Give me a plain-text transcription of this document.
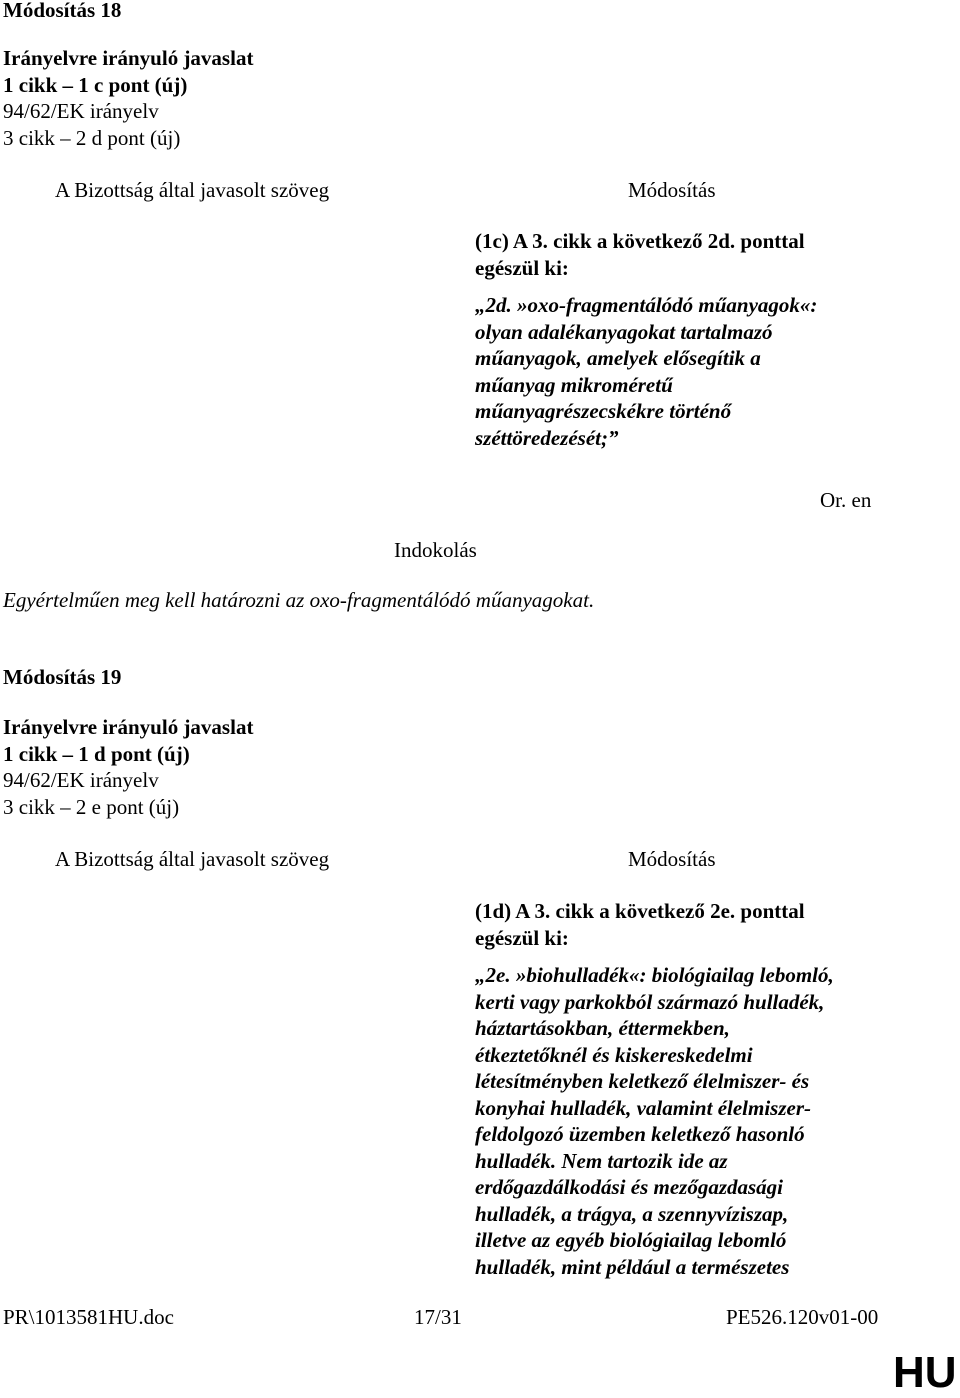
Módosítás 18
Irányelvre irányuló javaslat
1 cikk – 1 c pont (új)
94/62/EK irányelv
3 cikk – 2 d pont (új)
A Bizottság által javasolt szöveg	Módosítás
(1c) A 3. cikk a következő 2d. ponttal
egészül ki:
„2d. »oxo-fragmentálódó műanyagok«:
olyan adalékanyagokat tartalmazó
műanyagok, amelyek elősegítik a
műanyag mikroméretű
műanyagrészecskékre történő
széttöredezését;”
Or. en
Indokolás
Egyértelműen meg kell határozni az oxo-fragmentálódó műanyagokat.
Módosítás 19
Irányelvre irányuló javaslat
1 cikk – 1 d pont (új)
94/62/EK irányelv
3 cikk – 2 e pont (új)
A Bizottság által javasolt szöveg	Módosítás
(1d) A 3. cikk a következő 2e. ponttal
egészül ki:
„2e. »biohulladék«: biológiailag lebomló,
kerti vagy parkokból származó hulladék,
háztartásokban, éttermekben,
étkeztetőknél és kiskereskedelmi
létesítményben keletkező élelmiszer- és
konyhai hulladék, valamint élelmiszer-
feldolgozó üzemben keletkező hasonló
hulladék. Nem tartozik ide az
erdőgazdálkodási és mezőgazdasági
hulladék, a trágya, a szennyvíziszap,
illetve az egyéb biológiailag lebomló
hulladék, mint például a természetes
PR\1013581HU.doc	17/31	PE526.120v01-00
HU
